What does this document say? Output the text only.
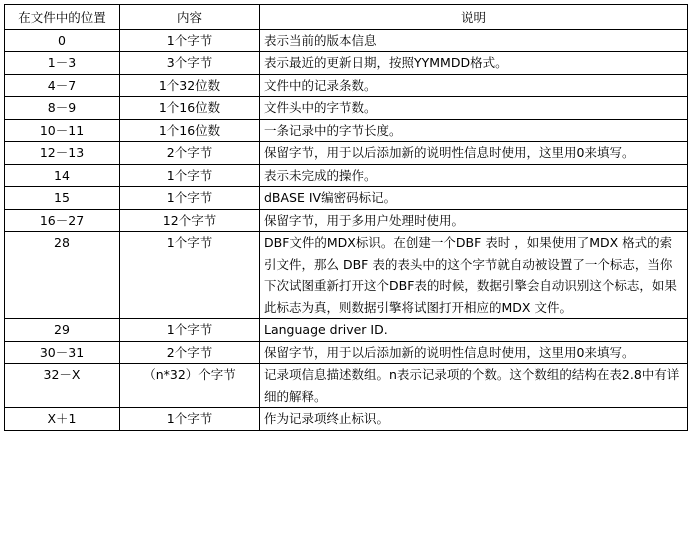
在文件中的位置	内容	说明
0	1个字节	表示当前的版本信息
1－3	3个字节	表示最近的更新日期，按照YYMMDD格式。
4－7	1个32位数	文件中的记录条数。
8－9	1个16位数	文件头中的字节数。
10－11	1个16位数	一条记录中的字节长度。
12－13	2个字节	保留字节，用于以后添加新的说明性信息时使用，这里用0来填写。
14	1个字节	表示未完成的操作。
15	1个字节	dBASE IV编密码标记。
16－27	12个字节	保留字节，用于多用户处理时使用。
28	1个字节	DBF文件的MDX标识。在创建一个DBF 表时 ，如果使用了MDX 格式的索引文件，那么 DBF 表的表头中的这个字节就自动被设置了一个标志，当你下次试图重新打开这个DBF表的时候，数据引擎会自动识别这个标志，如果此标志为真，则数据引擎将试图打开相应的MDX 文件。
29	1个字节	Language driver ID.
30－31	2个字节	保留字节，用于以后添加新的说明性信息时使用，这里用0来填写。
32－X	（n*32）个字节	记录项信息描述数组。n表示记录项的个数。这个数组的结构在表2.8中有详细的解释。
X＋1	1个字节	作为记录项终止标识。
